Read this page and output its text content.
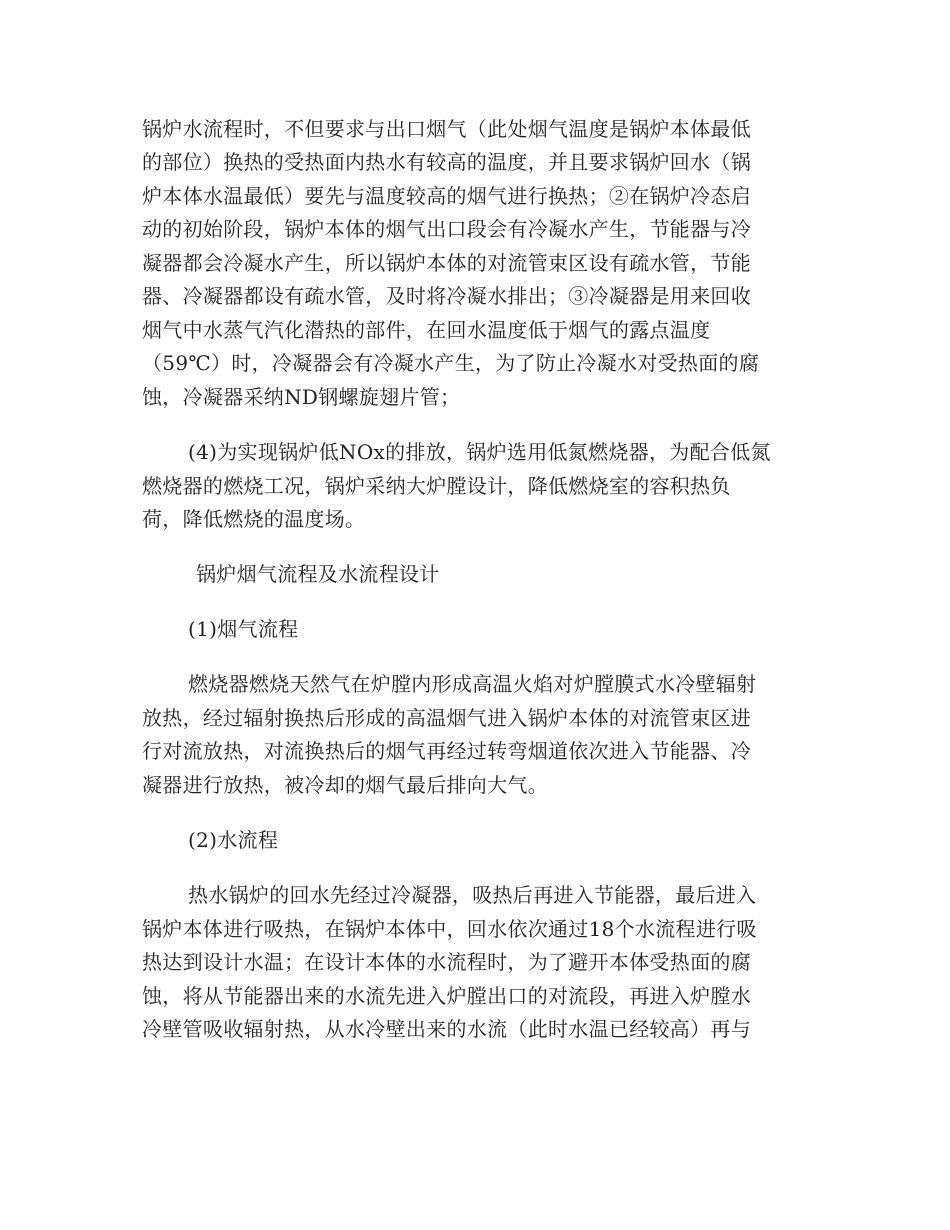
锅炉水流程时，不但要求与出口烟气（此处烟气温度是锅炉本体最低
的部位）换热的受热面内热水有较高的温度，并且要求锅炉回水（锅
炉本体水温最低）要先与温度较高的烟气进行换热；②在锅炉冷态启
动的初始阶段，锅炉本体的烟气出口段会有冷凝水产生，节能器与冷
凝器都会冷凝水产生，所以锅炉本体的对流管束区设有疏水管，节能
器、冷凝器都设有疏水管，及时将冷凝水排出；③冷凝器是用来回收
烟气中水蒸气汽化潜热的部件，在回水温度低于烟气的露点温度
（59℃）时，冷凝器会有冷凝水产生，为了防止冷凝水对受热面的腐
蚀，冷凝器采纳ND钢螺旋翅片管；
(4)为实现锅炉低NOx的排放，锅炉选用低氮燃烧器，为配合低氮
燃烧器的燃烧工况，锅炉采纳大炉膛设计，降低燃烧室的容积热负
荷，降低燃烧的温度场。
锅炉烟气流程及水流程设计
(1)烟气流程
燃烧器燃烧天然气在炉膛内形成高温火焰对炉膛膜式水冷壁辐射
放热，经过辐射换热后形成的高温烟气进入锅炉本体的对流管束区进
行对流放热，对流换热后的烟气再经过转弯烟道依次进入节能器、冷
凝器进行放热，被冷却的烟气最后排向大气。
(2)水流程
热水锅炉的回水先经过冷凝器，吸热后再进入节能器，最后进入
锅炉本体进行吸热，在锅炉本体中，回水依次通过18个水流程进行吸
热达到设计水温；在设计本体的水流程时，为了避开本体受热面的腐
蚀，将从节能器出来的水流先进入炉膛出口的对流段，再进入炉膛水
冷壁管吸收辐射热，从水冷壁出来的水流（此时水温已经较高）再与
